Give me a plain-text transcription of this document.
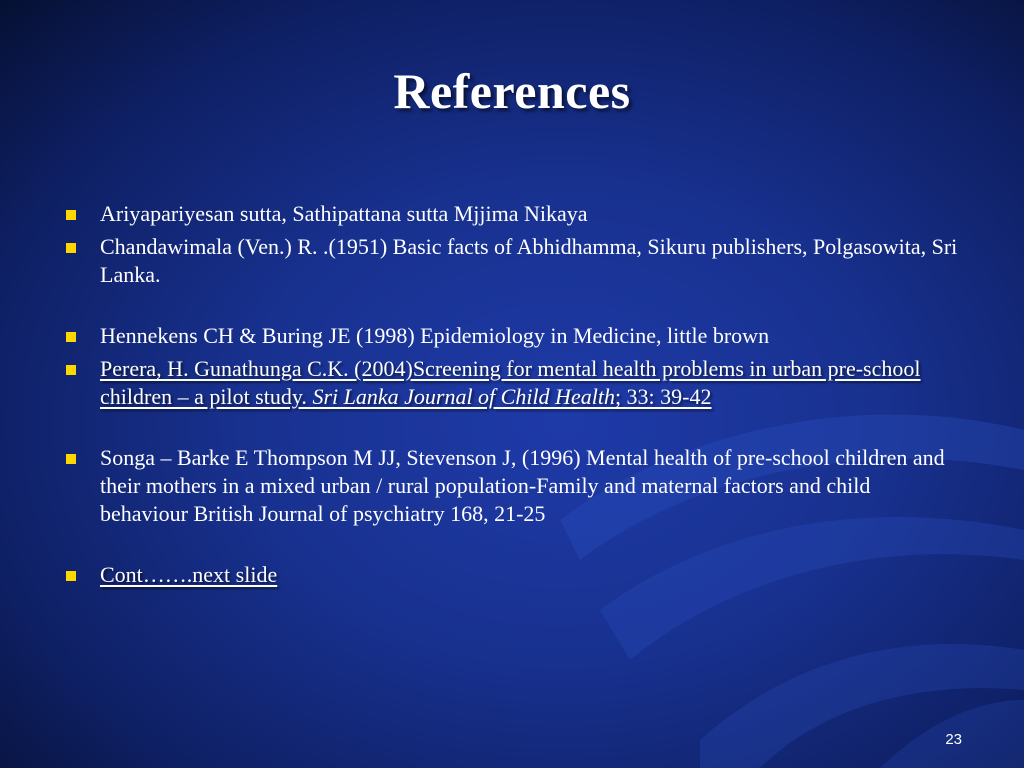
References
Ariyapariyesan sutta, Sathipattana sutta Mjjima Nikaya
Chandawimala (Ven.) R. .(1951) Basic facts of Abhidhamma, Sikuru publishers, Polgasowita, Sri Lanka.
Hennekens CH & Buring JE (1998) Epidemiology in Medicine, little brown
Perera, H. Gunathunga C.K. (2004)Screening for mental health problems in urban pre-school children – a pilot study. Sri Lanka Journal of Child Health; 33: 39-42
Songa – Barke E Thompson M JJ, Stevenson J, (1996) Mental health of pre-school children and their mothers in a mixed urban / rural population-Family and maternal factors and child behaviour British Journal of psychiatry 168, 21-25
Cont…….next slide
23
